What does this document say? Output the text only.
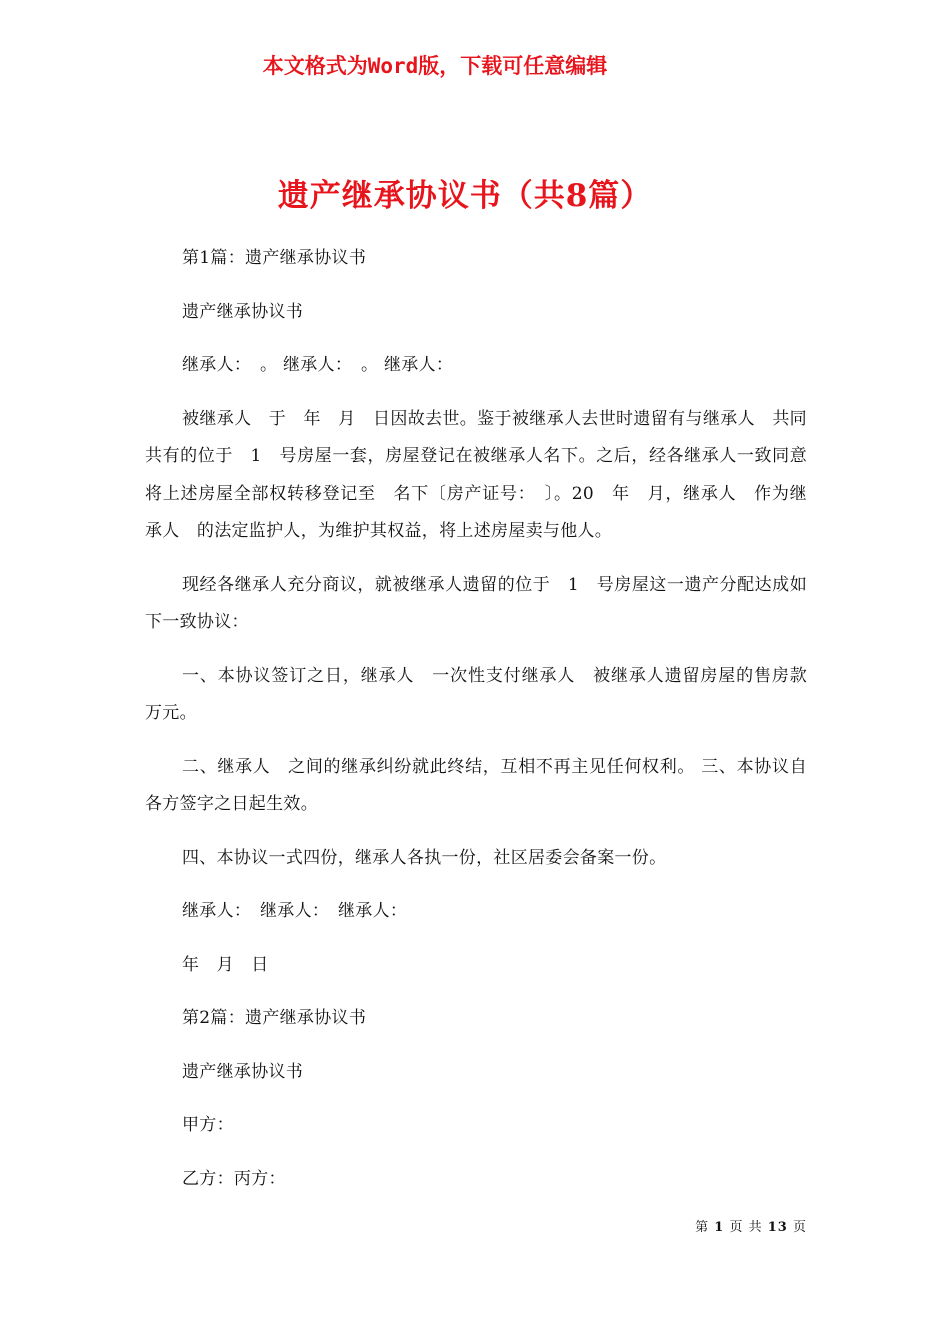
本文格式为Word版，下载可任意编辑
遗产继承协议书（共8篇）

第1篇：遗产继承协议书

遗产继承协议书

继承人：　。 继承人：　。 继承人：

被继承人　于　年　月　日因故去世。鉴于被继承人去世时遗留有与继承人　共同共有的位于　1　号房屋一套，房屋登记在被继承人名下。之后，经各继承人一致同意将上述房屋全部权转移登记至　名下〔房产证号：　〕。20　年　月，继承人　作为继承人　的法定监护人，为维护其权益，将上述房屋卖与他人。

现经各继承人充分商议，就被继承人遗留的位于　1　号房屋这一遗产分配达成如下一致协议：

一、本协议签订之日，继承人　一次性支付继承人　被继承人遗留房屋的售房款　万元。

二、继承人　之间的继承纠纷就此终结，互相不再主见任何权利。 三、本协议自各方签字之日起生效。

四、本协议一式四份，继承人各执一份，社区居委会备案一份。

继承人：　继承人：　继承人：

年　月　日

第2篇：遗产继承协议书

遗产继承协议书

甲方：

乙方：丙方：

第 1 页 共 13 页
